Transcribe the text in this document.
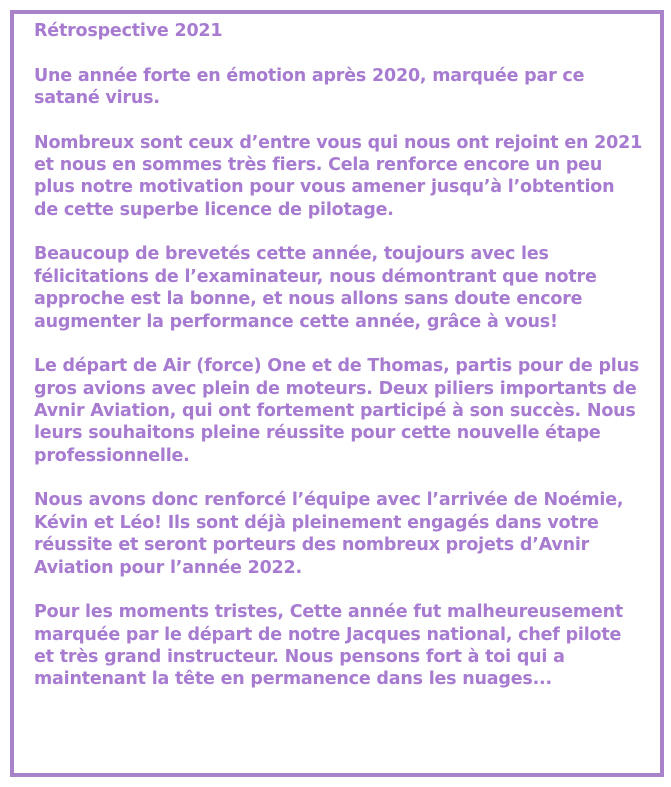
Rétrospective 2021

Une année forte en émotion après 2020, marquée par ce satané virus.

Nombreux sont ceux d’entre vous qui nous ont rejoint en 2021 et nous en sommes très fiers. Cela renforce encore un peu plus notre motivation pour vous amener jusqu’à l’obtention de cette superbe licence de pilotage.

Beaucoup de brevetés cette année, toujours avec les félicitations de l’examinateur, nous démontrant que notre approche est la bonne, et nous allons sans doute encore augmenter la performance cette année, grâce à vous!

Le départ de Air (force) One et de Thomas, partis pour de plus gros avions avec plein de moteurs. Deux piliers importants de Avnir Aviation, qui ont fortement participé à son succès. Nous leurs souhaitons pleine réussite pour cette nouvelle étape professionnelle.

Nous avons donc renforcé l’équipe avec l’arrivée de Noémie, Kévin et Léo! Ils sont déjà pleinement engagés dans votre réussite et seront porteurs des nombreux projets d’Avnir Aviation pour l’année 2022.

Pour les moments tristes, Cette année fut malheureusement marquée par le départ de notre Jacques national, chef pilote et très grand instructeur. Nous pensons fort à toi qui a maintenant la tête en permanence dans les nuages...
